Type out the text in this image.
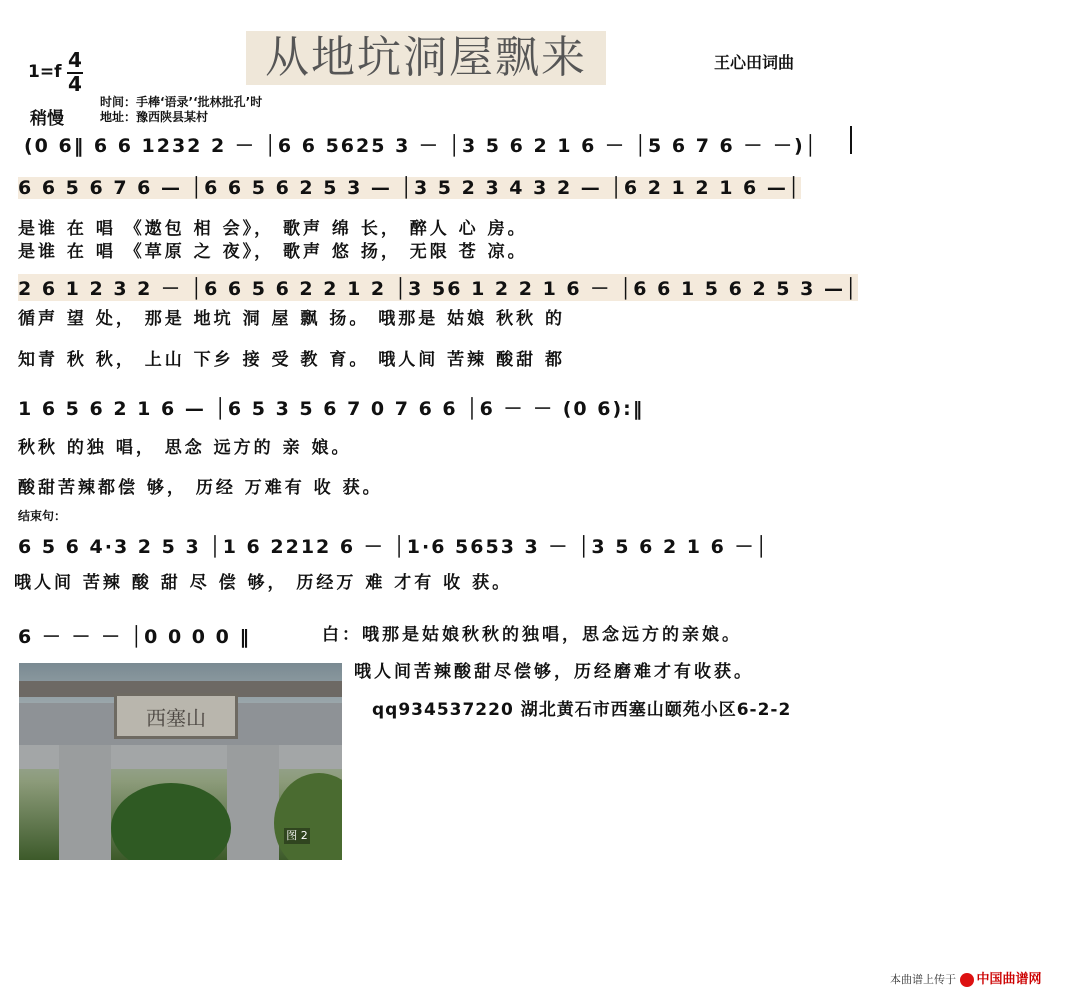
从地坑洞屋飘来
1=f 4
4
稍慢
时间：手棒‘语录’‘批林批孔’时
地址：豫西陕县某村
王心田词曲
(0 6‖ 6 6 1232 2 － │6 6 5625 3 － │3 5 6 2 1 6 － │5 6 7 6 － －)│
6 6 5 6 7 6 — │6 6 5 6 2 5 3 — │3 5 2 3 4 3 2 — │6 2 1 2 1 6 —│
是谁 在 唱 《遨包 相 会》， 歌声 绵 长， 醉人 心 房。
是谁 在 唱 《草原 之 夜》， 歌声 悠 扬， 无限 苍 凉。
2 6 1 2 3 2 － │6 6 5 6 2 2 1 2 │3 56 1 2 2 1 6 － │6 6 1 5 6 2 5 3 —│
循声 望 处， 那是 地坑 洞 屋 飘 扬。 哦那是 姑娘 秋秋 的
知青 秋 秋， 上山 下乡 接 受 教 育。 哦人间 苦辣 酸甜 都
1 6 5 6 2 1 6 — │6 5 3 5 6 7 0 7 6 6 │6 － － (0 6):‖
秋秋 的独 唱， 思念 远方的 亲 娘。
酸甜苦辣都偿 够， 历经 万难有 收 获。
结束句：
6 5 6 4·3 2 5 3 │1 6 2212 6 － │1·6 5653 3 － │3 5 6 2 1 6 －│
哦人间 苦辣 酸 甜 尽 偿 够， 历经万 难 才有 收 获。
6 － － － │0 0 0 0 ‖	白：哦那是姑娘秋秋的独唱，思念远方的亲娘。
哦人间苦辣酸甜尽偿够，历经磨难才有收获。
西塞山
图 2
qq934537220 湖北黄石市西塞山颐苑小区6-2-2
本曲谱上传于 中国曲谱网
